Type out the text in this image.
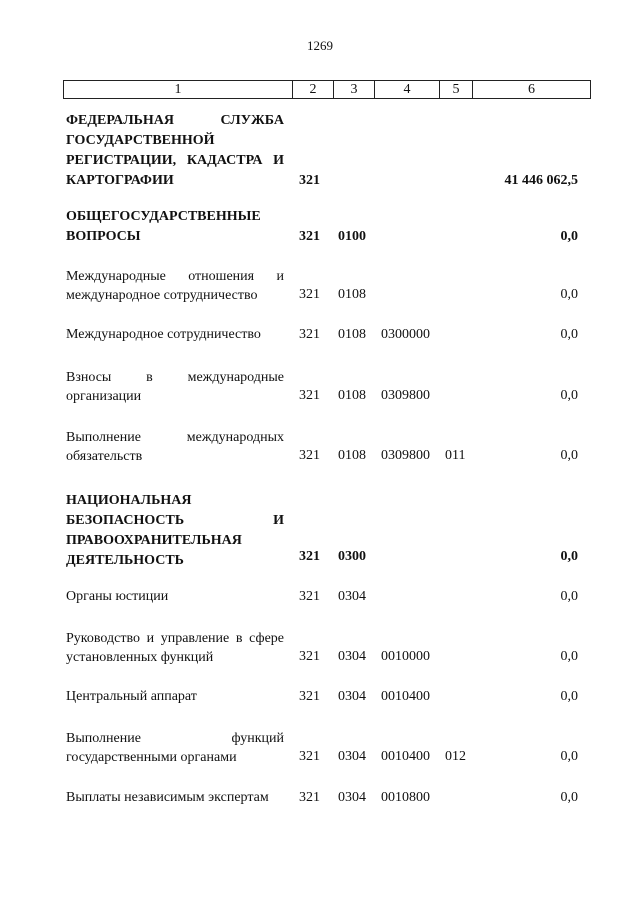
1269
1	2	3	4	5	6
ФЕДЕРАЛЬНАЯ СЛУЖБА ГОСУДАРСТВЕННОЙ РЕГИСТРАЦИИ, КАДАСТРА И КАРТОГРАФИИ	321	41 446 062,5
ОБЩЕГОСУДАРСТВЕННЫЕ ВОПРОСЫ	321 0100	0,0
Международные отношения и международное сотрудничество	321 0108	0,0
Международное сотрудничество	321 0108 0300000	0,0
Взносы в международные организации	321 0108 0309800	0,0
Выполнение международных обязательств	321 0108 0309800 011	0,0
НАЦИОНАЛЬНАЯ БЕЗОПАСНОСТЬ И ПРАВООХРАНИТЕЛЬНАЯ ДЕЯТЕЛЬНОСТЬ	321 0300	0,0
Органы юстиции	321 0304	0,0
Руководство и управление в сфере установленных функций	321 0304 0010000	0,0
Центральный аппарат	321 0304 0010400	0,0
Выполнение функций государственными органами	321 0304 0010400 012	0,0
Выплаты независимым экспертам	321 0304 0010800	0,0
